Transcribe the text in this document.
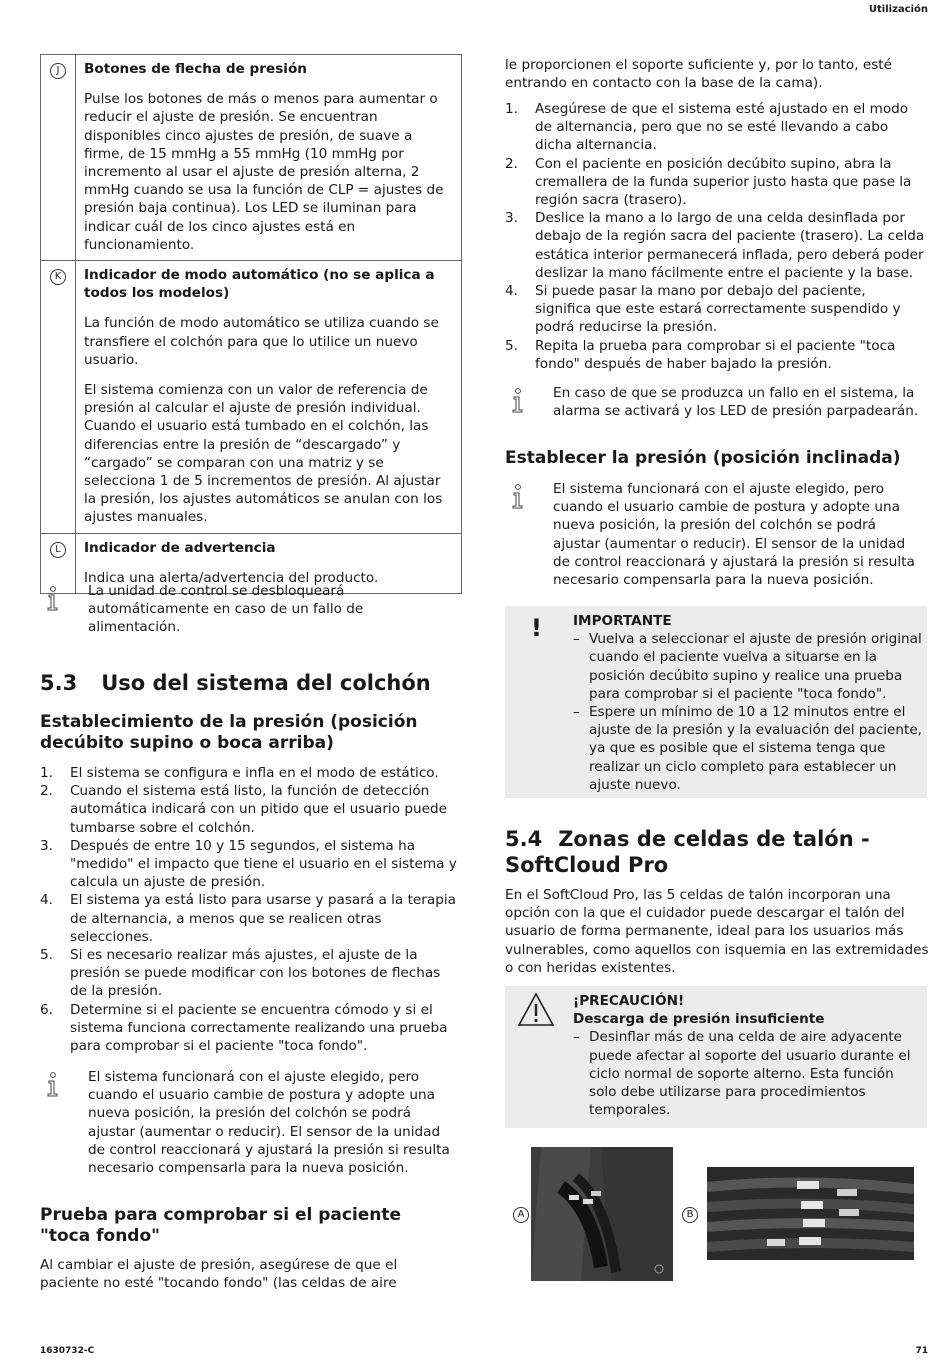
Utilización
J	Botones de flecha de presión
Pulse los botones de más o menos para aumentar o reducir el ajuste de presión. Se encuentran disponibles cinco ajustes de presión, de suave a firme, de 15 mmHg a 55 mmHg (10 mmHg por incremento al usar el ajuste de presión alterna, 2 mmHg cuando se usa la función de CLP = ajustes de presión baja continua). Los LED se iluminan para indicar cuál de los cinco ajustes está en funcionamiento.

K	Indicador de modo automático (no se aplica a todos los modelos)
La función de modo automático se utiliza cuando se transfiere el colchón para que lo utilice un nuevo usuario.
El sistema comienza con un valor de referencia de presión al calcular el ajuste de presión individual. Cuando el usuario está tumbado en el colchón, las diferencias entre la presión de “descargado” y “cargado” se comparan con una matriz y se selecciona 1 de 5 incrementos de presión. Al ajustar la presión, los ajustes automáticos se anulan con los ajustes manuales.

L	Indicador de advertencia
Indica una alerta/advertencia del producto.
La unidad de control se desbloqueará automáticamente en caso de un fallo de alimentación.
5.3 Uso del sistema del colchón
Establecimiento de la presión (posición decúbito supino o boca arriba)
1. El sistema se configura e infla en el modo de estático.
2. Cuando el sistema está listo, la función de detección automática indicará con un pitido que el usuario puede tumbarse sobre el colchón.
3. Después de entre 10 y 15 segundos, el sistema ha "medido" el impacto que tiene el usuario en el sistema y calcula un ajuste de presión.
4. El sistema ya está listo para usarse y pasará a la terapia de alternancia, a menos que se realicen otras selecciones.
5. Si es necesario realizar más ajustes, el ajuste de la presión se puede modificar con los botones de flechas de la presión.
6. Determine si el paciente se encuentra cómodo y si el sistema funciona correctamente realizando una prueba para comprobar si el paciente "toca fondo".
El sistema funcionará con el ajuste elegido, pero cuando el usuario cambie de postura y adopte una nueva posición, la presión del colchón se podrá ajustar (aumentar o reducir). El sensor de la unidad de control reaccionará y ajustará la presión si resulta necesario compensarla para la nueva posición.
Prueba para comprobar si el paciente "toca fondo"
Al cambiar el ajuste de presión, asegúrese de que el paciente no esté "tocando fondo" (las celdas de aire
le proporcionen el soporte suficiente y, por lo tanto, esté entrando en contacto con la base de la cama).
1. Asegúrese de que el sistema esté ajustado en el modo de alternancia, pero que no se esté llevando a cabo dicha alternancia.
2. Con el paciente en posición decúbito supino, abra la cremallera de la funda superior justo hasta que pase la región sacra (trasero).
3. Deslice la mano a lo largo de una celda desinflada por debajo de la región sacra del paciente (trasero). La celda estática interior permanecerá inflada, pero deberá poder deslizar la mano fácilmente entre el paciente y la base.
4. Si puede pasar la mano por debajo del paciente, significa que este estará correctamente suspendido y podrá reducirse la presión.
5. Repita la prueba para comprobar si el paciente "toca fondo" después de haber bajado la presión.
En caso de que se produzca un fallo en el sistema, la alarma se activará y los LED de presión parpadearán.
Establecer la presión (posición inclinada)
El sistema funcionará con el ajuste elegido, pero cuando el usuario cambie de postura y adopte una nueva posición, la presión del colchón se podrá ajustar (aumentar o reducir). El sensor de la unidad de control reaccionará y ajustará la presión si resulta necesario compensarla para la nueva posición.
! IMPORTANTE
– Vuelva a seleccionar el ajuste de presión original cuando el paciente vuelva a situarse en la posición decúbito supino y realice una prueba para comprobar si el paciente "toca fondo".
– Espere un mínimo de 10 a 12 minutos entre el ajuste de la presión y la evaluación del paciente, ya que es posible que el sistema tenga que realizar un ciclo completo para establecer un ajuste nuevo.
5.4 Zonas de celdas de talón - SoftCloud Pro
En el SoftCloud Pro, las 5 celdas de talón incorporan una opción con la que el cuidador puede descargar el talón del usuario de forma permanente, ideal para los usuarios más vulnerables, como aquellos con isquemia en las extremidades o con heridas existentes.
¡PRECAUCIÓN!
Descarga de presión insuficiente
– Desinflar más de una celda de aire adyacente puede afectar al soporte del usuario durante el ciclo normal de soporte alterno. Esta función solo debe utilizarse para procedimientos temporales.
A	B
1630732-C	71
